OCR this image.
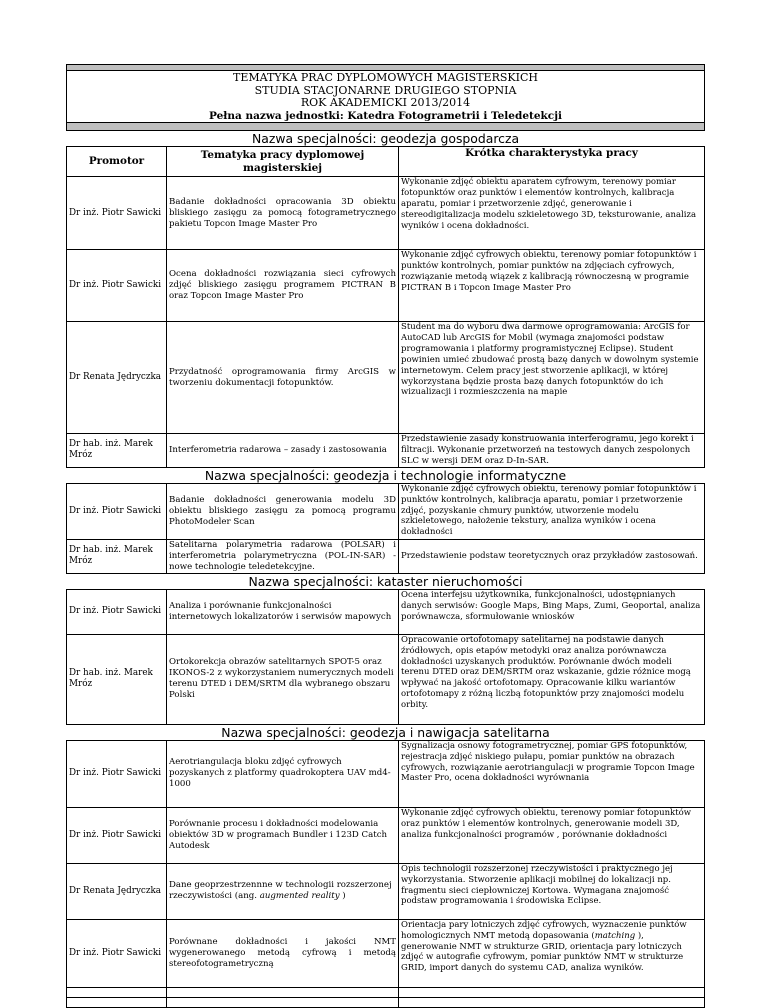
TEMATYKA PRAC DYPLOMOWYCH MAGISTERSKICH		
STUDIA STACJONARNE DRUGIEGO STOPNIA		
ROK AKADEMICKI 2013/2014		
Pełna nazwa jednostki: Katedra Fotogrametrii i Teledetekcji		

Nazwa specjalności: geodezja gospodarcza		
Promotor	Tematyka pracy dyplomowej magisterskiej	Krótka charakterystyka pracy
Dr inż. Piotr Sawicki	Badanie dokładności opracowania 3D obiektu bliskiego zasięgu za pomocą fotogrametrycznego pakietu Topcon Image Master Pro	Wykonanie zdjęć obiektu aparatem cyfrowym, terenowy pomiar fotopunktów oraz punktów i elementów kontrolnych, kalibracja aparatu, pomiar i przetworzenie zdjęć, generowanie i stereodigitalizacja modelu szkieletowego 3D, teksturowanie, analiza wyników i ocena dokładności.
Dr inż. Piotr Sawicki	Ocena dokładności rozwiązania sieci cyfrowych zdjęć bliskiego zasięgu programem PICTRAN B oraz Topcon Image Master Pro	Wykonanie zdjęć cyfrowych obiektu, terenowy pomiar fotopunktów i punktów kontrolnych, pomiar punktów na zdjęciach cyfrowych, rozwiązanie metodą wiązek z kalibracją równoczesną w programie PICTRAN B i Topcon Image Master Pro
Dr Renata Jędryczka	Przydatność oprogramowania firmy ArcGIS w tworzeniu dokumentacji fotopunktów.	Student ma do wyboru dwa darmowe oprogramowania: ArcGIS for AutoCAD lub ArcGIS for Mobil (wymaga znajomości podstaw programowania i platformy programistycznej Eclipse). Student powinien umieć zbudować prostą bazę danych w dowolnym systemie internetowym. Celem pracy jest stworzenie aplikacji, w której wykorzystana będzie prosta bazę danych fotopunktów do ich wizualizacji i rozmieszczenia na mapie
Dr hab. inż. Marek Mróz	Interferometria radarowa – zasady i zastosowania	Przedstawienie zasady konstruowania interferogramu, jego korekt i filtracji. Wykonanie przetworzeń na testowych danych zespolonych SLC w wersji DEM oraz D-In-SAR.
Nazwa specjalności: geodezja i technologie informatyczne		
Dr inż. Piotr Sawicki	Badanie dokładności generowania modelu 3D obiektu bliskiego zasięgu za pomocą programu PhotoModeler Scan	Wykonanie zdjęć cyfrowych obiektu, terenowy pomiar fotopunktów i punktów kontrolnych, kalibracja aparatu, pomiar i przetworzenie zdjęć, pozyskanie chmury punktów, utworzenie modelu szkieletowego, nałożenie tekstury, analiza wyników i ocena dokładności
Dr hab. inż. Marek Mróz	Satelitarna polarymetria radarowa (POLSAR) i interferometria polarymetryczna (POL-IN-SAR) - nowe technologie teledetekcyjne.	Przedstawienie podstaw teoretycznych oraz przykładów zastosowań.
Nazwa specjalności: kataster nieruchomości		
Dr inż. Piotr Sawicki	Analiza i porównanie funkcjonalności internetowych lokalizatorów i serwisów mapowych	Ocena interfejsu użytkownika, funkcjonalności, udostępnianych danych serwisów: Google Maps, Bing Maps, Zumi, Geoportal, analiza porównawcza, sformułowanie wniosków
Dr hab. inż. Marek Mróz	Ortokorekcja obrazów satelitarnych SPOT-5 oraz IKONOS-2 z wykorzystaniem numerycznych modeli terenu DTED i DEM/SRTM dla wybranego obszaru Polski	Opracowanie ortofotomapy satelitarnej na podstawie danych źródłowych, opis etapów metodyki oraz analiza porównawcza dokładności uzyskanych produktów. Porównanie dwóch modeli terenu DTED oraz DEM/SRTM oraz wskazanie, gdzie różnice mogą wpływać na jakość ortofotomapy. Opracowanie kilku wariantów ortofotomapy z różną liczbą fotopunktów przy znajomości modelu orbity.
Nazwa specjalności: geodezja i nawigacja satelitarna		
Dr inż. Piotr Sawicki	Aerotriangulacja bloku zdjęć cyfrowych pozyskanych z platformy quadrokoptera UAV md4-1000	Sygnalizacja osnowy fotogrametrycznej, pomiar GPS fotopunktów, rejestracja zdjęć niskiego pułapu, pomiar punktów na obrazach cyfrowych, rozwiązanie aerotriangulacji w programie Topcon Image Master Pro, ocena dokładności wyrównania
Dr inż. Piotr Sawicki	Porównanie procesu i dokładności modelowania obiektów 3D w programach Bundler i 123D Catch Autodesk	Wykonanie zdjęć cyfrowych obiektu, terenowy pomiar fotopunktów oraz punktów i elementów kontrolnych, generowanie modeli 3D, analiza funkcjonalności programów , porównanie dokładności
Dr Renata Jędryczka	Dane geoprzestrzennne w technologii rozszerzonej rzeczywistości (ang. augmented reality )	Opis technologii rozszerzonej rzeczywistości i praktycznego jej wykorzystania. Stworzenie aplikacji mobilnej do lokalizacji np. fragmentu sieci ciepłowniczej Kortowa. Wymagana znajomość podstaw programowania i środowiska Eclipse.
Dr inż. Piotr Sawicki	Porównane dokładności i jakości NMT wygenerowanego metodą cyfrową i metodą stereofotogrametryczną	Orientacja pary lotniczych zdjęć cyfrowych, wyznaczenie punktów homologicznych NMT metodą dopasowania (matching ), generowanie NMT w strukturze GRID, orientacja pary lotniczych zdjęć w autografie cyfrowym, pomiar punktów NMT w strukturze GRID, import danych do systemu CAD, analiza wyników.
